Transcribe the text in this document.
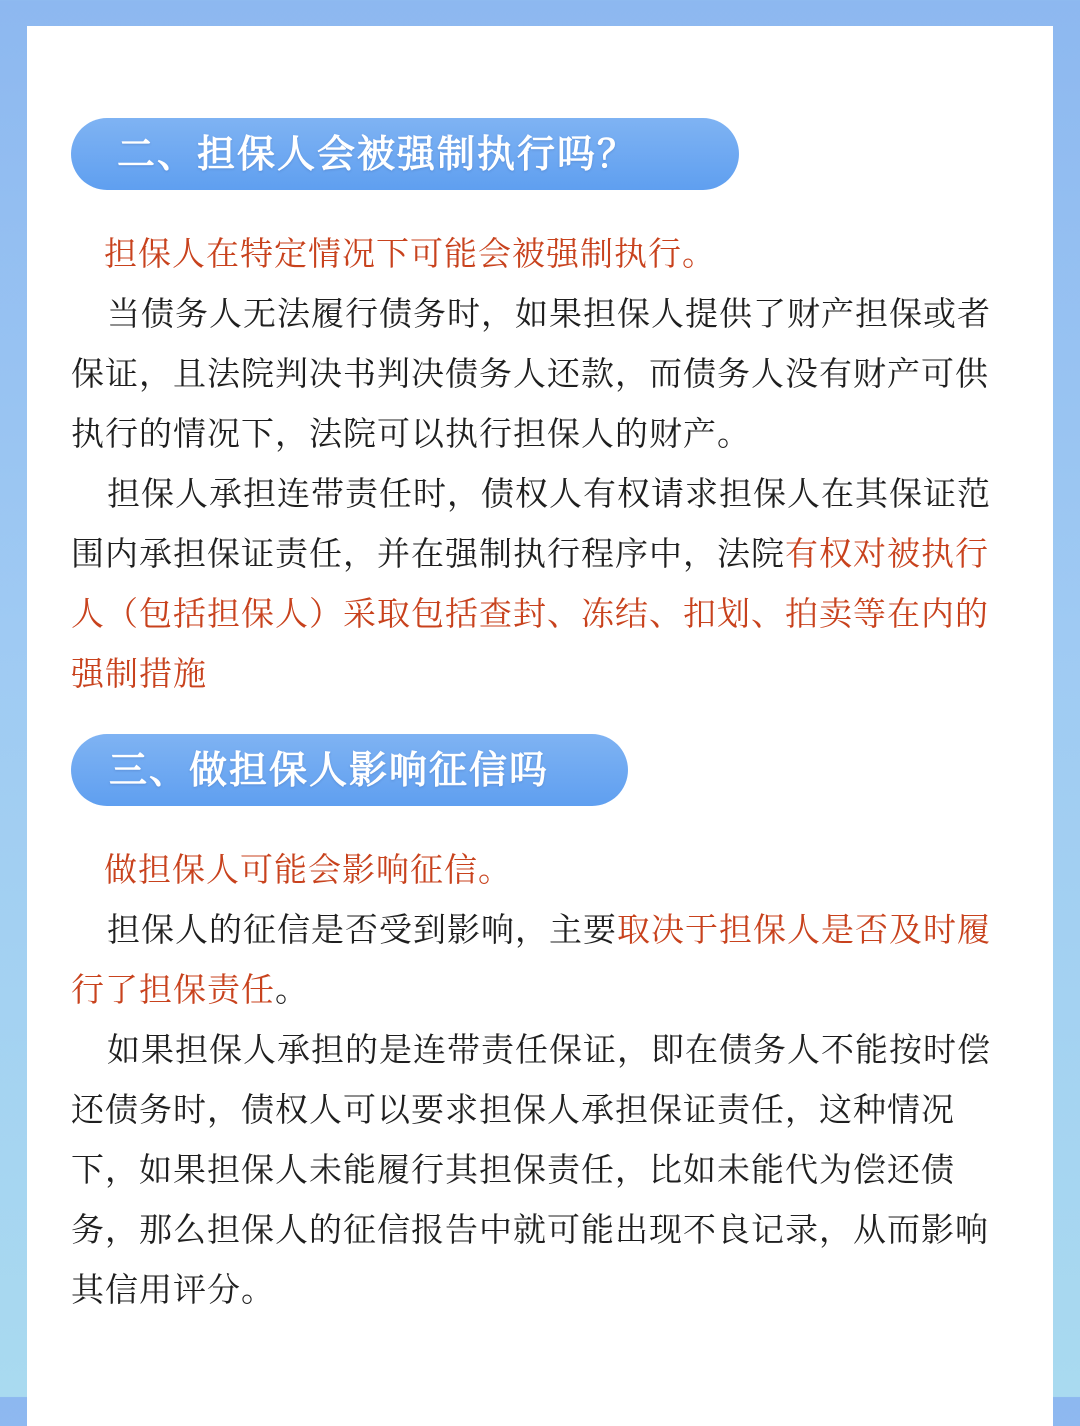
二、担保人会被强制执行吗？

担保人在特定情况下可能会被强制执行。

当债务人无法履行债务时，如果担保人提供了财产担保或者保证，且法院判决书判决债务人还款，而债务人没有财产可供执行的情况下，法院可以执行担保人的财产。

担保人承担连带责任时，债权人有权请求担保人在其保证范围内承担保证责任，并在强制执行程序中，法院有权对被执行人（包括担保人）采取包括查封、冻结、扣划、拍卖等在内的强制措施

三、做担保人影响征信吗

做担保人可能会影响征信。

担保人的征信是否受到影响，主要取决于担保人是否及时履行了担保责任。

如果担保人承担的是连带责任保证，即在债务人不能按时偿还债务时，债权人可以要求担保人承担保证责任，这种情况下，如果担保人未能履行其担保责任，比如未能代为偿还债务，那么担保人的征信报告中就可能出现不良记录，从而影响其信用评分。
